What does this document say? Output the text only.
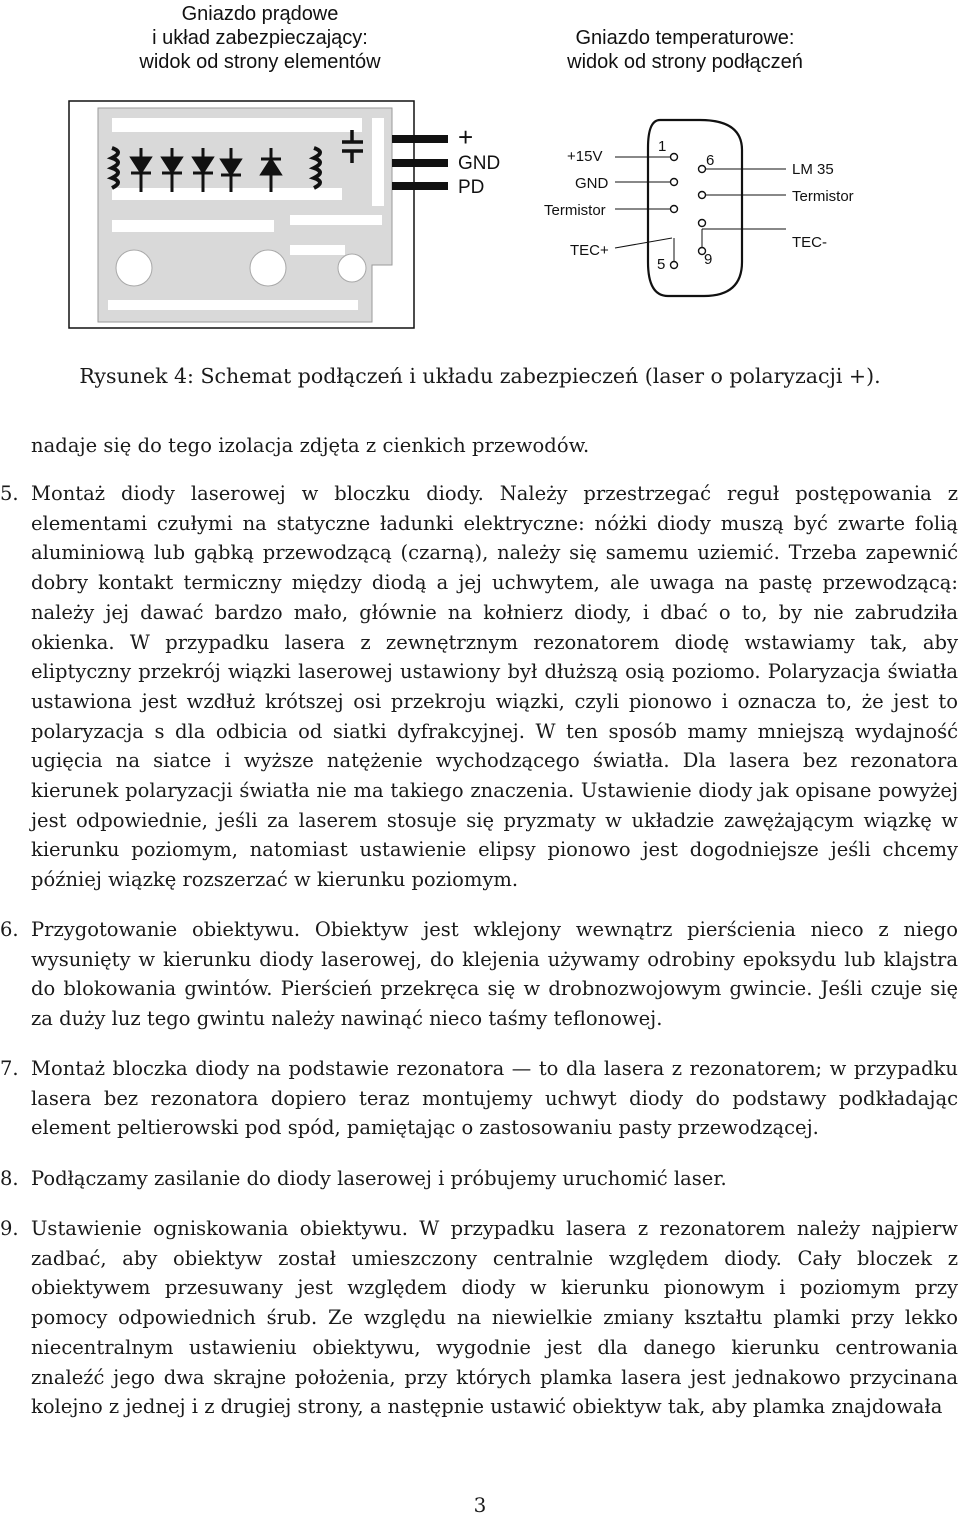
Gniazdo prądowe
i układ zabezpieczający:
widok od strony elementów
Gniazdo temperaturowe:
widok od strony podłączeń
+
GND
PD
1
6
5	9
+15V
GND
Termistor
TEC+
LM 35
Termistor
TEC-
Rysunek 4: Schemat podłączeń i układu zabezpieczeń (laser o polaryzacji +).
nadaje się do tego izolacja zdjęta z cienkich przewodów.
5. Montaż diody laserowej w bloczku diody. Należy przestrzegać reguł postępowania z elementami czułymi na statyczne ładunki elektryczne: nóżki diody muszą być zwarte folią aluminiową lub gąbką przewodzącą (czarną), należy się samemu uziemić. Trzeba zapewnić dobry kontakt termiczny między diodą a jej uchwytem, ale uwaga na pastę przewodzącą: należy jej dawać bardzo mało, głównie na kołnierz diody, i dbać o to, by nie zabrudziła okienka. W przypadku lasera z zewnętrznym rezonatorem diodę wstawiamy tak, aby eliptyczny przekrój wiązki laserowej ustawiony był dłuższą osią poziomo. Polaryzacja światła ustawiona jest wzdłuż krótszej osi przekroju wiązki, czyli pionowo i oznacza to, że jest to polaryzacja s dla odbicia od siatki dyfrakcyjnej. W ten sposób mamy mniejszą wydajność ugięcia na siatce i wyższe natężenie wychodzącego światła. Dla lasera bez rezonatora kierunek polaryzacji światła nie ma takiego znaczenia. Ustawienie diody jak opisane powyżej jest odpowiednie, jeśli za laserem stosuje się pryzmaty w układzie zawężającym wiązkę w kierunku poziomym, natomiast ustawienie elipsy pionowo jest dogodniejsze jeśli chcemy później wiązkę rozszerzać w kierunku poziomym.
6. Przygotowanie obiektywu. Obiektyw jest wklejony wewnątrz pierścienia nieco z niego wysunięty w kierunku diody laserowej, do klejenia używamy odrobiny epoksydu lub klajstra do blokowania gwintów. Pierścień przekręca się w drobnozwojowym gwincie. Jeśli czuje się za duży luz tego gwintu należy nawinąć nieco taśmy teflonowej.
7. Montaż bloczka diody na podstawie rezonatora — to dla lasera z rezonatorem; w przypadku lasera bez rezonatora dopiero teraz montujemy uchwyt diody do podstawy podkładając element peltierowski pod spód, pamiętając o zastosowaniu pasty przewodzącej.
8. Podłączamy zasilanie do diody laserowej i próbujemy uruchomić laser.
9. Ustawienie ogniskowania obiektywu. W przypadku lasera z rezonatorem należy najpierw zadbać, aby obiektyw został umieszczony centralnie względem diody. Cały bloczek z obiektywem przesuwany jest względem diody w kierunku pionowym i poziomym przy pomocy odpowiednich śrub. Ze względu na niewielkie zmiany kształtu plamki przy lekko niecentralnym ustawieniu obiektywu, wygodnie jest dla danego kierunku centrowania znaleźć jego dwa skrajne położenia, przy których plamka lasera jest jednakowo przycinana kolejno z jednej i z drugiej strony, a następnie ustawić obiektyw tak, aby plamka znajdowała
3
